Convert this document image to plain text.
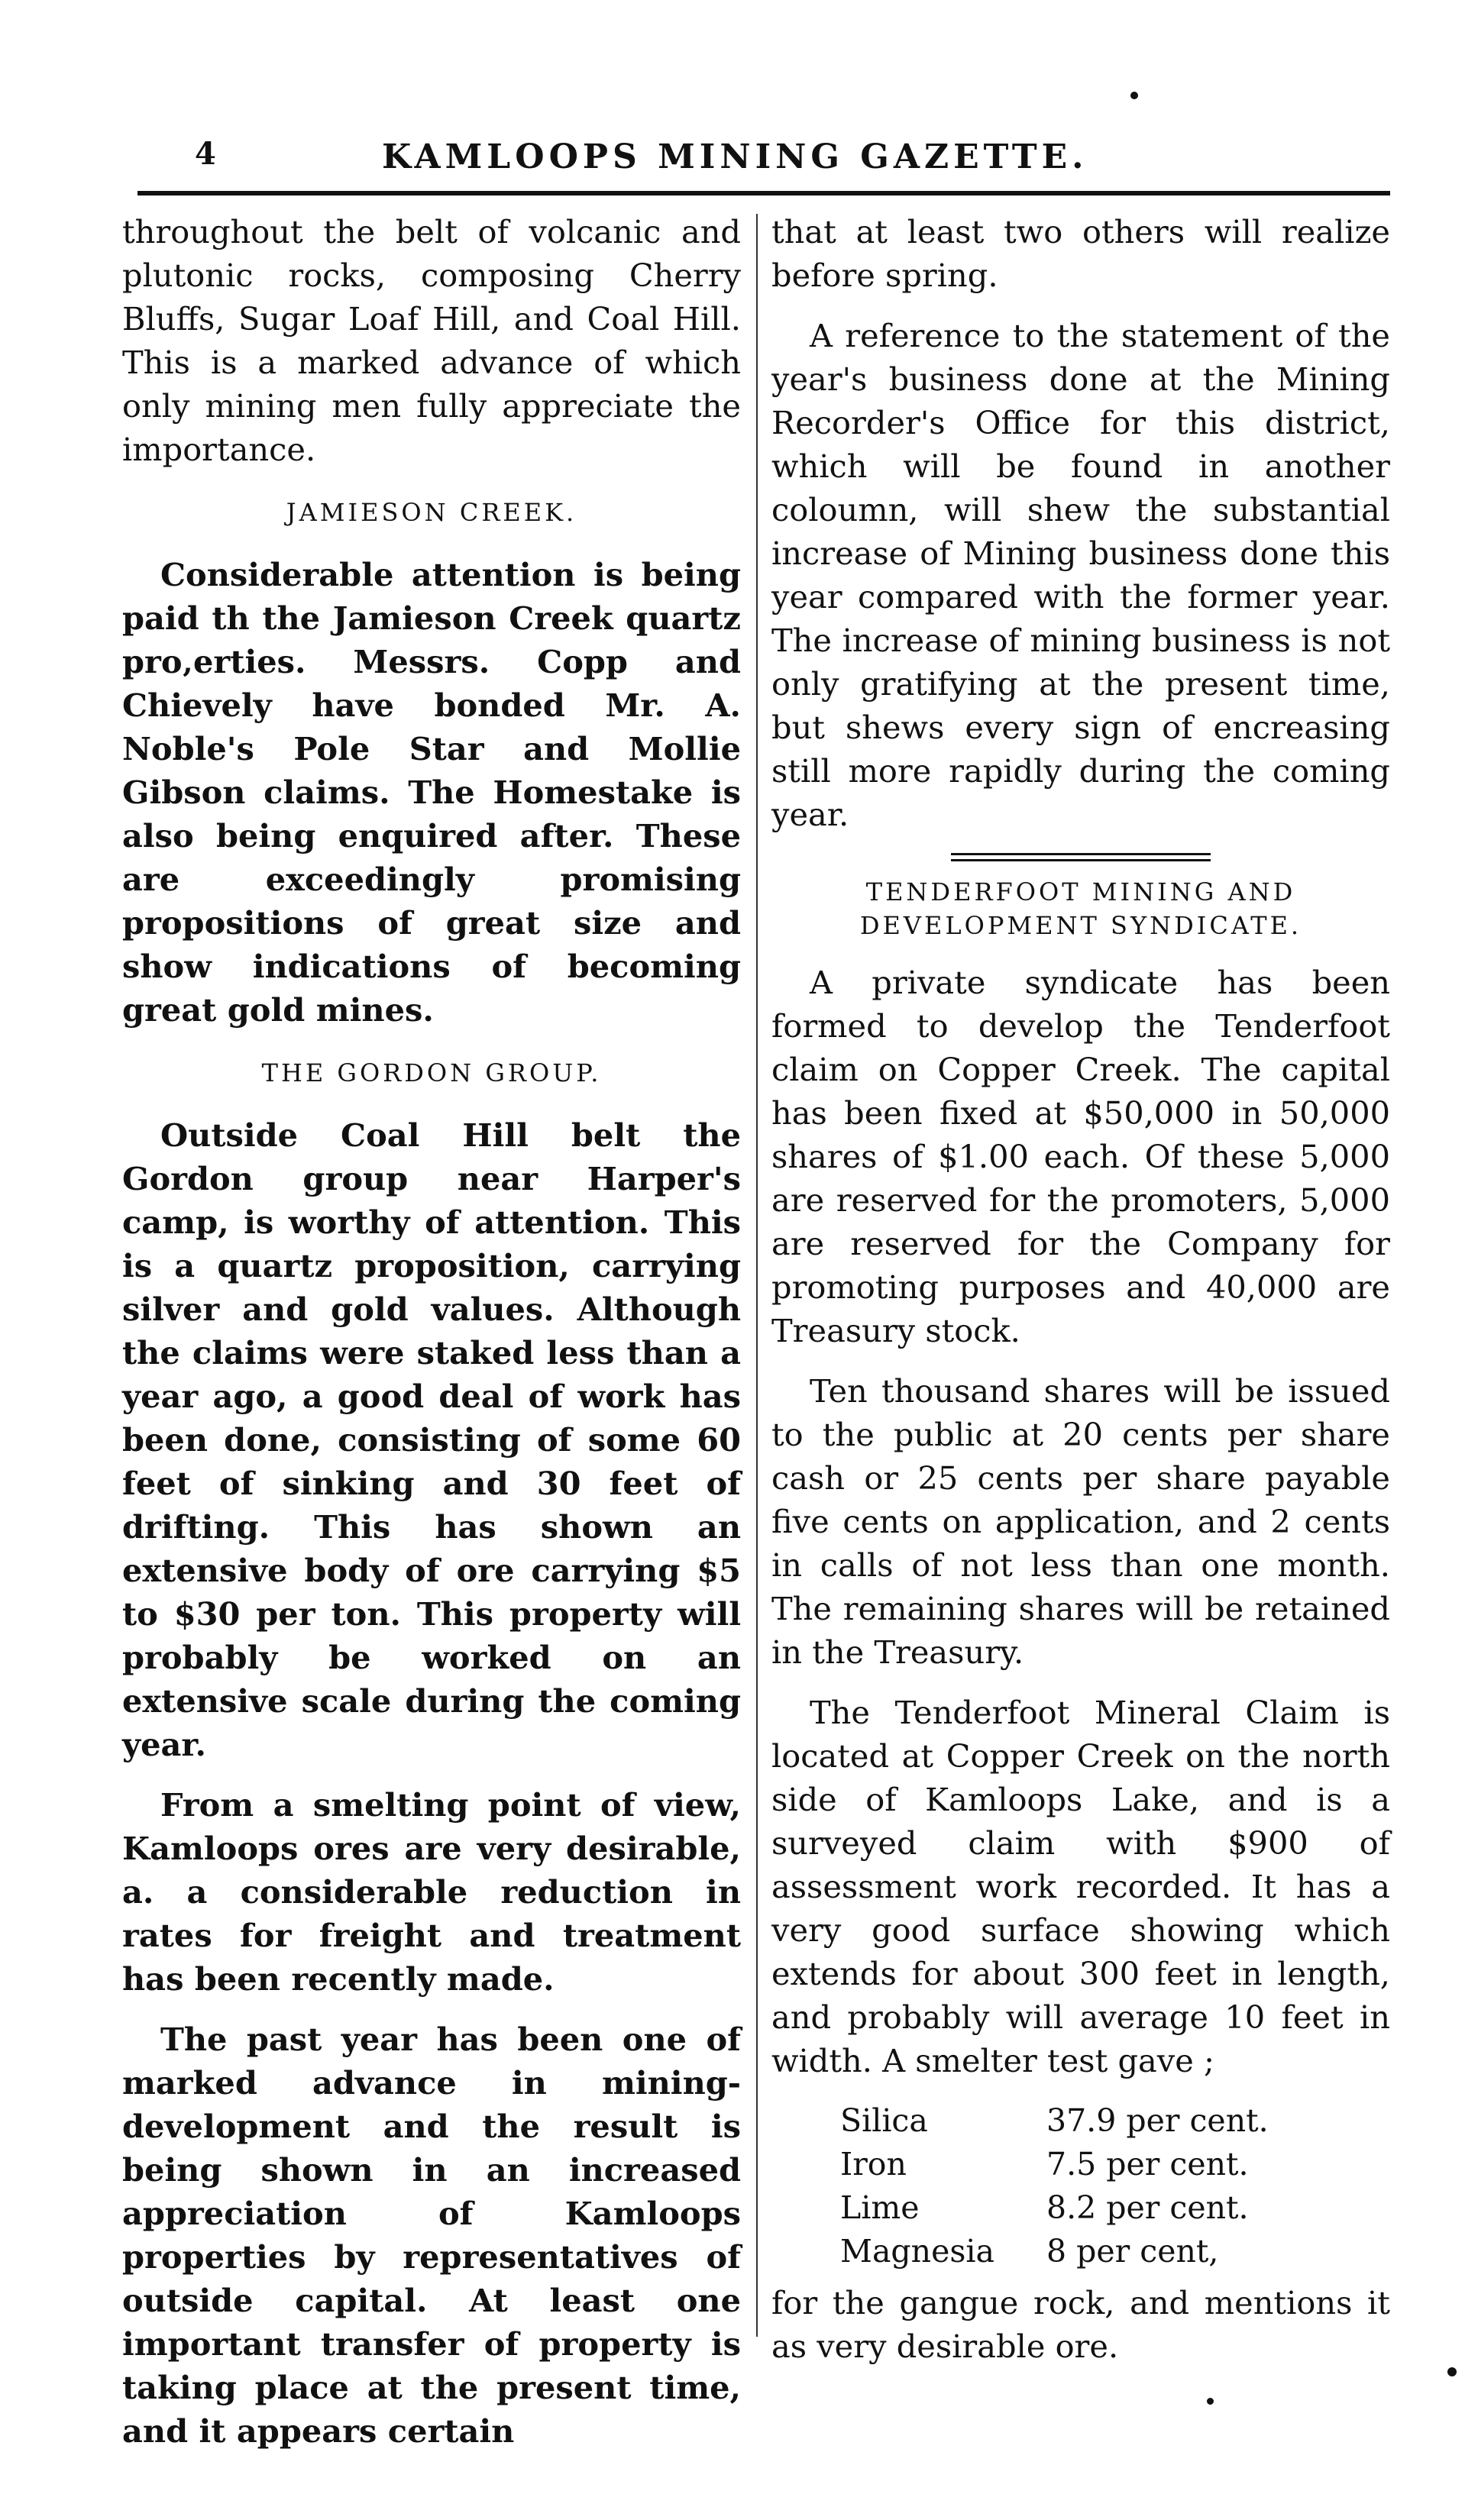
4	KAMLOOPS MINING GAZETTE.

throughout the belt of volcanic and plutonic rocks, composing Cherry Bluffs, Sugar Loaf Hill, and Coal Hill. This is a marked advance of which only mining men fully appreciate the importance.

JAMIESON CREEK.

Considerable attention is being paid th the Jamieson Creek quartz pro‚erties. Messrs. Copp and Chievely have bonded Mr. A. Noble's Pole Star and Mollie Gibson claims. The Homestake is also being enquired after. These are exceedingly promising propositions of great size and show indications of becoming great gold mines.

THE GORDON GROUP.

Outside Coal Hill belt the Gordon group near Harper's camp, is worthy of attention. This is a quartz proposition, carrying silver and gold values. Although the claims were staked less than a year ago, a good deal of work has been done, consisting of some 60 feet of sinking and 30 feet of drifting. This has shown an extensive body of ore carrying $5 to $30 per ton. This property will probably be worked on an extensive scale during the coming year.

From a smelting point of view, Kamloops ores are very desirable, a. a considerable reduction in rates for freight and treatment has been recently made.

The past year has been one of marked advance in mining-development and the result is being shown in an increased appreciation of Kamloops properties by representatives of outside capital. At least one important transfer of property is taking place at the present time, and it appears certain

that at least two others will realize before spring.

A reference to the statement of the year's business done at the Mining Recorder's Office for this district, which will be found in another coloumn, will shew the substantial increase of Mining business done this year compared with the former year. The increase of mining business is not only gratifying at the present time, but shews every sign of encreasing still more rapidly during the coming year.

TENDERFOOT MINING AND DEVELOPMENT SYNDICATE.

A private syndicate has been formed to develop the Tenderfoot claim on Copper Creek. The capital has been fixed at $50,000 in 50,000 shares of $1.00 each. Of these 5,000 are reserved for the promoters, 5,000 are reserved for the Company for promoting purposes and 40,000 are Treasury stock.

Ten thousand shares will be issued to the public at 20 cents per share cash or 25 cents per share payable five cents on application, and 2 cents in calls of not less than one month. The remaining shares will be retained in the Treasury.

The Tenderfoot Mineral Claim is located at Copper Creek on the north side of Kamloops Lake, and is a surveyed claim with $900 of assessment work recorded. It has a very good surface showing which extends for about 300 feet in length, and probably will average 10 feet in width. A smelter test gave ;

Silica	37.9 per cent.
Iron	7.5 per cent.
Lime	8.2 per cent.
Magnesia	8 per cent,

for the gangue rock, and mentions it as very desirable ore.
